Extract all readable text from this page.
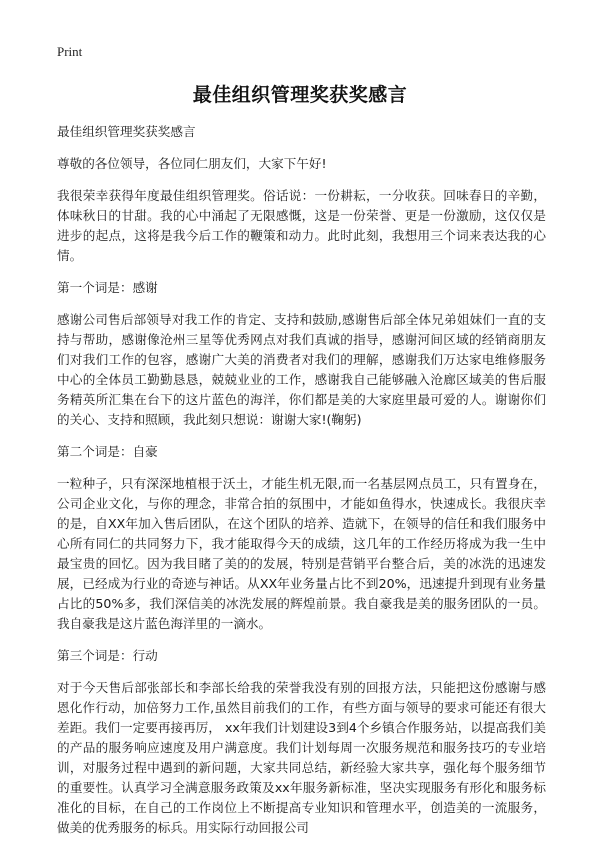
Print
最佳组织管理奖获奖感言

最佳组织管理奖获奖感言

尊敬的各位领导，各位同仁朋友们，大家下午好!

我很荣幸获得年度最佳组织管理奖。俗话说：一份耕耘，一分收获。回味春日的辛勤，体味秋日的甘甜。我的心中涌起了无限感慨，这是一份荣誉、更是一份激励，这仅仅是进步的起点，这将是我今后工作的鞭策和动力。此时此刻，我想用三个词来表达我的心情。

第一个词是：感谢

感谢公司售后部领导对我工作的肯定、支持和鼓励,感谢售后部全体兄弟姐妹们一直的支持与帮助，感谢像沧州三星等优秀网点对我们真诚的指导，感谢河间区域的经销商朋友们对我们工作的包容，感谢广大美的消费者对我们的理解，感谢我们万达家电维修服务中心的全体员工勤勤恳恳，兢兢业业的工作，感谢我自己能够融入沧廊区域美的售后服务精英所汇集在台下的这片蓝色的海洋，你们都是美的大家庭里最可爱的人。谢谢你们的关心、支持和照顾，我此刻只想说：谢谢大家!(鞠躬)

第二个词是：自豪

一粒种子，只有深深地植根于沃土，才能生机无限,而一名基层网点员工，只有置身在，公司企业文化，与你的理念，非常合拍的氛围中，才能如鱼得水，快速成长。我很庆幸的是，自XX年加入售后团队，在这个团队的培养、造就下，在领导的信任和我们服务中心所有同仁的共同努力下，我才能取得今天的成绩，这几年的工作经历将成为我一生中最宝贵的回忆。因为我目睹了美的的发展，特别是营销平台整合后，美的冰洗的迅速发展，已经成为行业的奇迹与神话。从XX年业务量占比不到20%，迅速提升到现有业务量占比的50%多，我们深信美的冰洗发展的辉煌前景。我自豪我是美的服务团队的一员。我自豪我是这片蓝色海洋里的一滴水。

第三个词是：行动

对于今天售后部张部长和李部长给我的荣誉我没有别的回报方法，只能把这份感谢与感恩化作行动，加倍努力工作,虽然目前我们的工作，有些方面与领导的要求可能还有很大差距。我们一定要再接再厉， xx年我们计划建设3到4个乡镇合作服务站，以提高我们美的产品的服务响应速度及用户满意度。我们计划每周一次服务规范和服务技巧的专业培训，对服务过程中遇到的新问题，大家共同总结，新经验大家共享，强化每个服务细节的重要性。认真学习全满意服务政策及xx年服务新标准，坚决实现服务有形化和服务标准化的目标，在自己的工作岗位上不断提高专业知识和管理水平，创造美的一流服务，做美的优秀服务的标兵。用实际行动回报公司
